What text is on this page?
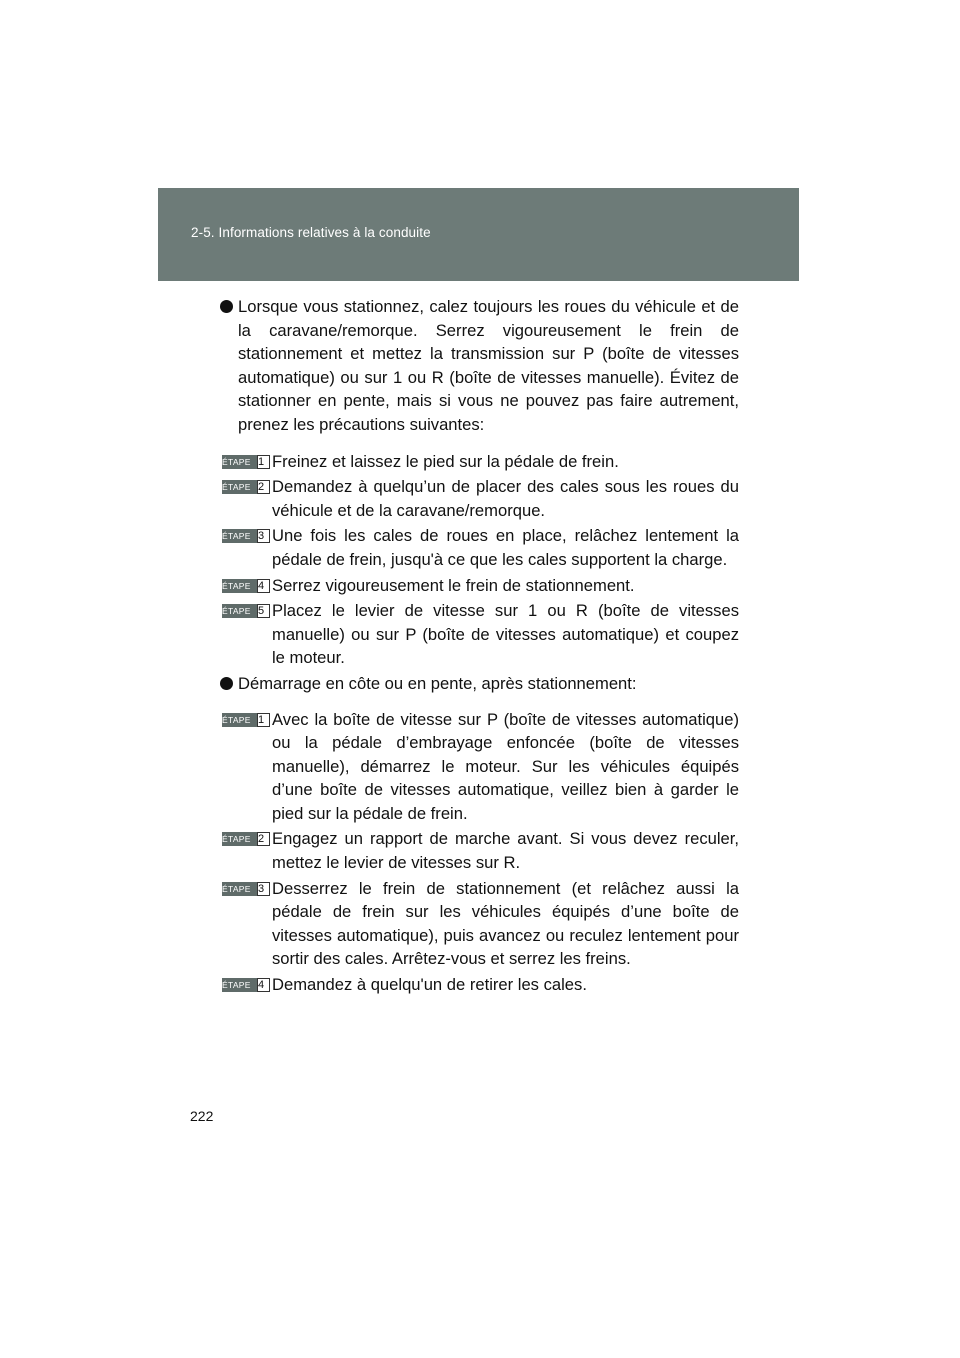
2-5. Informations relatives à la conduite
Lorsque vous stationnez, calez toujours les roues du véhicule et de la caravane/remorque. Serrez vigoureusement le frein de stationnement et mettez la transmission sur P (boîte de vitesses automatique) ou sur 1 ou R (boîte de vitesses manuelle). Évitez de stationner en pente, mais si vous ne pouvez pas faire autrement, prenez les précautions suivantes:
ÉTAPE 1 Freinez et laissez le pied sur la pédale de frein.
ÉTAPE 2 Demandez à quelqu’un de placer des cales sous les roues du véhicule et de la caravane/remorque.
ÉTAPE 3 Une fois les cales de roues en place, relâchez lentement la pédale de frein, jusqu'à ce que les cales supportent la charge.
ÉTAPE 4 Serrez vigoureusement le frein de stationnement.
ÉTAPE 5 Placez le levier de vitesse sur 1 ou R (boîte de vitesses manuelle) ou sur P (boîte de vitesses automatique) et coupez le moteur.
Démarrage en côte ou en pente, après stationnement:
ÉTAPE 1 Avec la boîte de vitesse sur P (boîte de vitesses automatique) ou la pédale d’embrayage enfoncée (boîte de vitesses manuelle), démarrez le moteur. Sur les véhicules équipés d’une boîte de vitesses automatique, veillez bien à garder le pied sur la pédale de frein.
ÉTAPE 2 Engagez un rapport de marche avant. Si vous devez reculer, mettez le levier de vitesses sur R.
ÉTAPE 3 Desserrez le frein de stationnement (et relâchez aussi la pédale de frein sur les véhicules équipés d’une boîte de vitesses automatique), puis avancez ou reculez lentement pour sortir des cales. Arrêtez-vous et serrez les freins.
ÉTAPE 4 Demandez à quelqu'un de retirer les cales.
222
